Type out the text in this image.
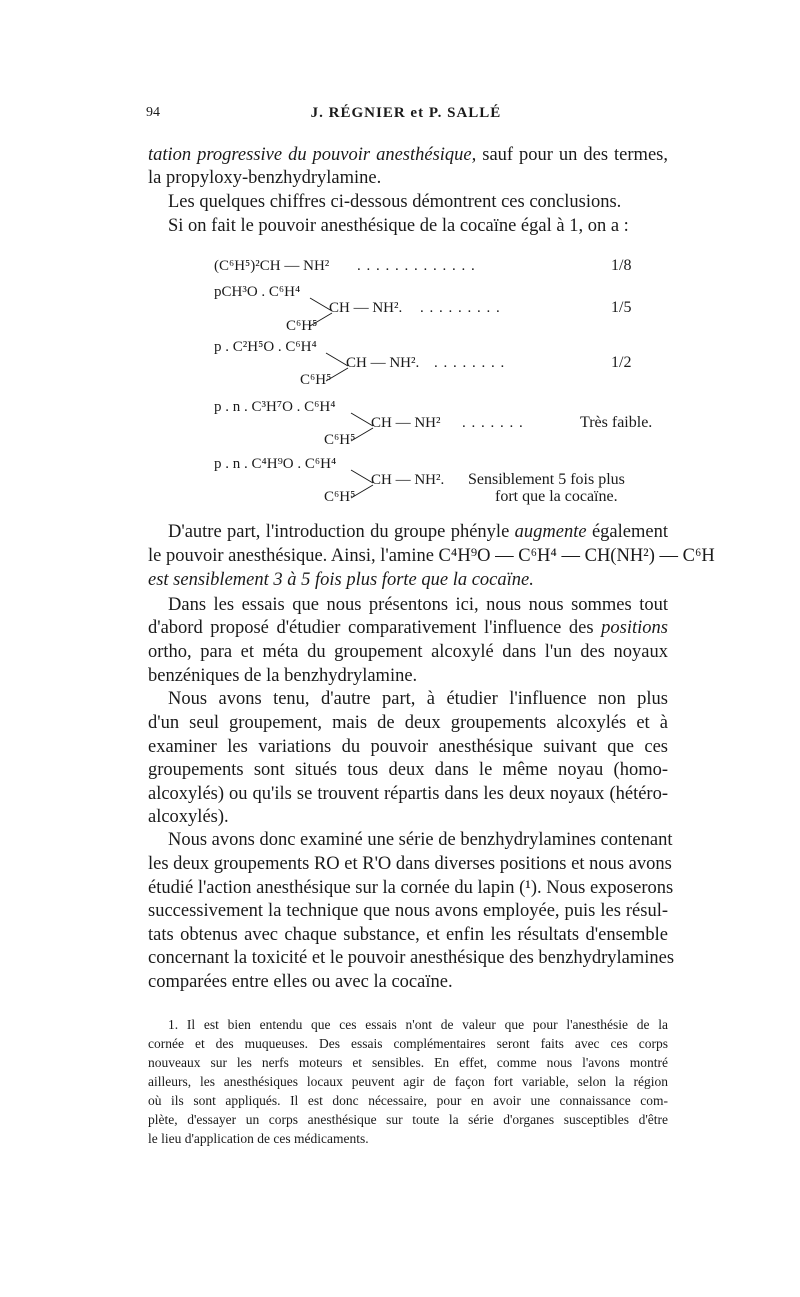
94	J. RÉGNIER et P. SALLÉ
tation progressive du pouvoir anesthésique, sauf pour un des termes,
la propyloxy-benzhydrylamine.
Les quelques chiffres ci-dessous démontrent ces conclusions.
Si on fait le pouvoir anesthésique de la cocaïne égal à 1, on a :
(C⁶H⁵)²CH — NH² . . . . . . . . . . . . .	1/8
pCH³O . C⁶H⁴
CH — NH². . . . . . . . . .
C⁶H⁵
1/5
p . C²H⁵O . C⁶H⁴
CH — NH². . . . . . . . .
C⁶H⁵
1/2
p . n . C³H⁷O . C⁶H⁴
CH — NH² . . . . . . .
C⁶H⁵
Très faible.
p . n . C⁴H⁹O . C⁶H⁴
CH — NH².
C⁶H⁵
Sensiblement 5 fois plus
fort que la cocaïne.
D'autre part, l'introduction du groupe phényle augmente également
le pouvoir anesthésique. Ainsi, l'amine C⁴H⁹O — C⁶H⁴ — CH(NH²) — C⁶H
est sensiblement 3 à 5 fois plus forte que la cocaïne.
Dans les essais que nous présentons ici, nous nous sommes tout
d'abord proposé d'étudier comparativement l'influence des positions
ortho, para et méta du groupement alcoxylé dans l'un des noyaux
benzéniques de la benzhydrylamine.
Nous avons tenu, d'autre part, à étudier l'influence non plus
d'un seul groupement, mais de deux groupements alcoxylés et à
examiner les variations du pouvoir anesthésique suivant que ces
groupements sont situés tous deux dans le même noyau (homo-
alcoxylés) ou qu'ils se trouvent répartis dans les deux noyaux (hétéro-
alcoxylés).
Nous avons donc examiné une série de benzhydrylamines contenant
les deux groupements RO et R'O dans diverses positions et nous avons
étudié l'action anesthésique sur la cornée du lapin (¹). Nous exposerons
successivement la technique que nous avons employée, puis les résul-
tats obtenus avec chaque substance, et enfin les résultats d'ensemble
concernant la toxicité et le pouvoir anesthésique des benzhydrylamines
comparées entre elles ou avec la cocaïne.
1. Il est bien entendu que ces essais n'ont de valeur que pour l'anesthésie de la
cornée et des muqueuses. Des essais complémentaires seront faits avec ces corps
nouveaux sur les nerfs moteurs et sensibles. En effet, comme nous l'avons montré
ailleurs, les anesthésiques locaux peuvent agir de façon fort variable, selon la région
où ils sont appliqués. Il est donc nécessaire, pour en avoir une connaissance com-
plète, d'essayer un corps anesthésique sur toute la série d'organes susceptibles d'être
le lieu d'application de ces médicaments.
